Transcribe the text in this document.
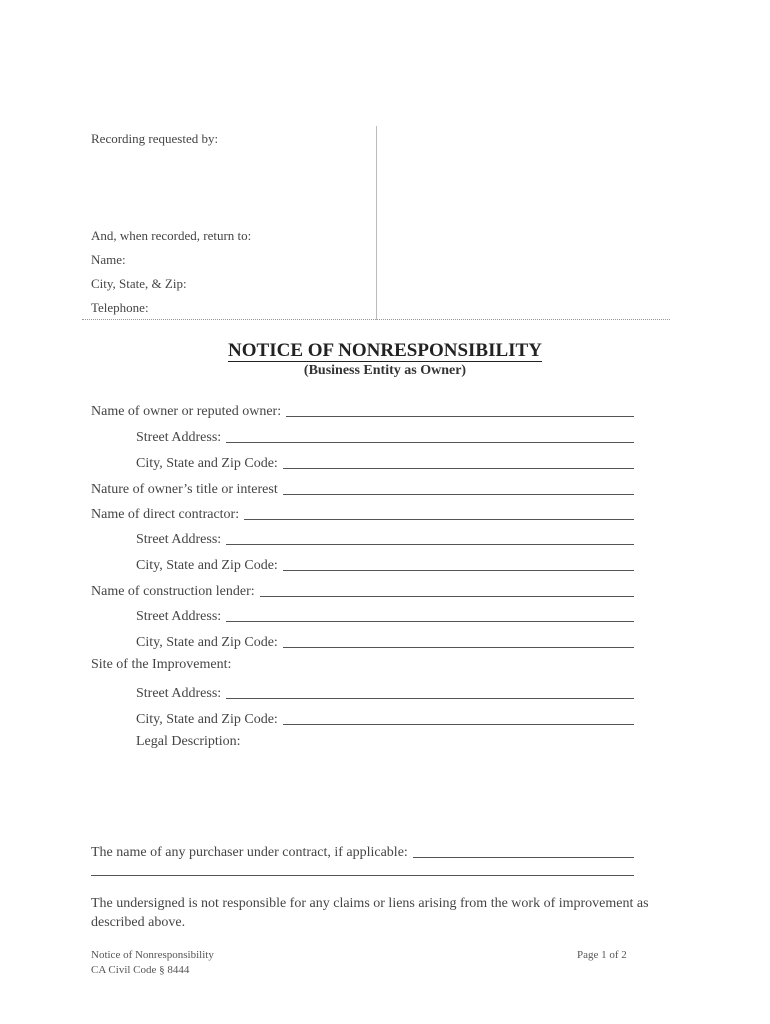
Recording requested by:
And, when recorded, return to:
Name:
City, State, & Zip:
Telephone:
NOTICE OF NONRESPONSIBILITY
(Business Entity as Owner)
Name of owner or reputed owner:
Street Address:
City, State and Zip Code:
Nature of owner’s title or interest
Name of direct contractor:
Street Address:
City, State and Zip Code:
Name of construction lender:
Street Address:
City, State and Zip Code:
Site of the Improvement:
Street Address:
City, State and Zip Code:
Legal Description:
The name of any purchaser under contract, if applicable:
The undersigned is not responsible for any claims or liens arising from the work of improvement as described above.
Notice of Nonresponsibility
CA Civil Code § 8444
Page 1 of 2
